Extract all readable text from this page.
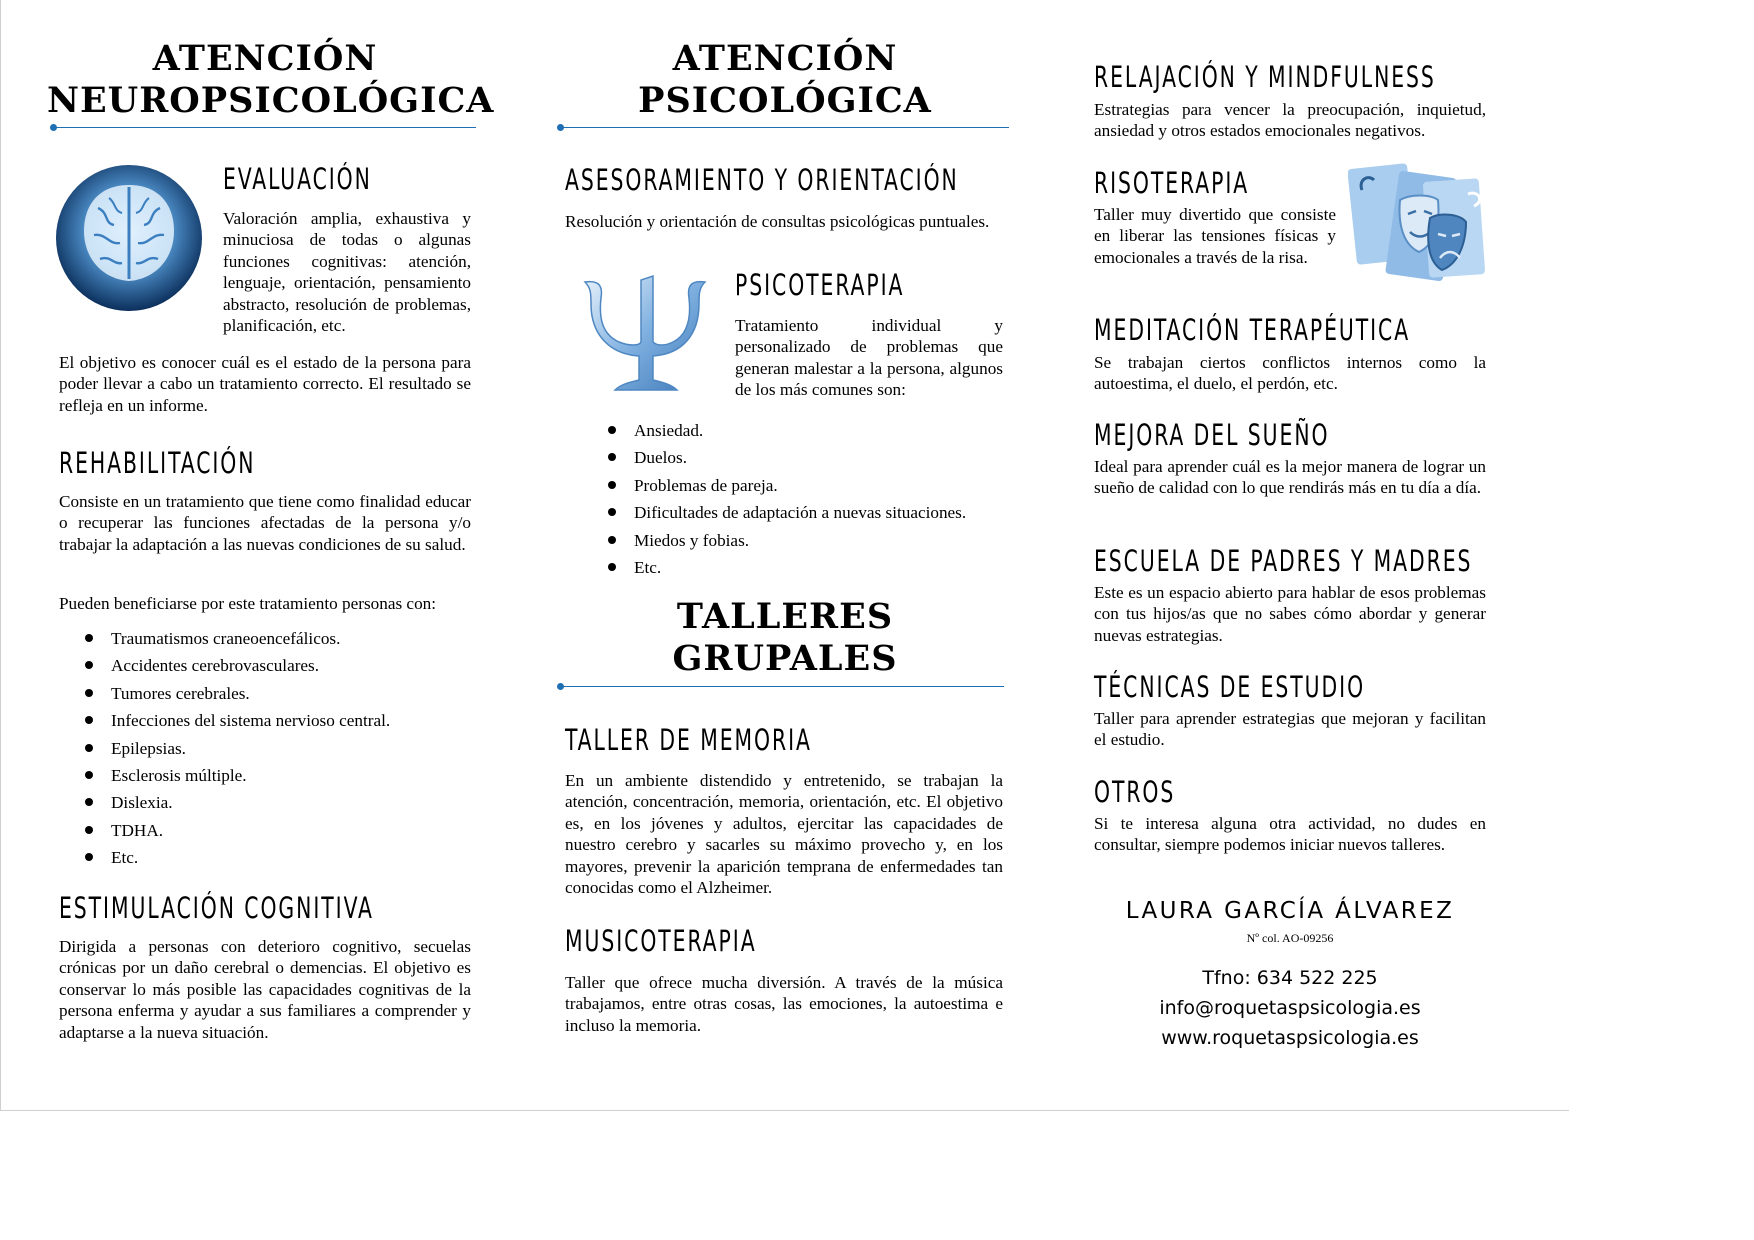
ATENCIÓN
NEUROPSICOLÓGICA
EVALUACIÓN
Valoración amplia, exhaustiva y minuciosa de todas o algunas funciones cognitivas: atención, lenguaje, orientación, pensamiento abstracto, resolución de problemas, planificación, etc.
El objetivo es conocer cuál es el estado de la persona para poder llevar a cabo un tratamiento correcto. El resultado se refleja en un informe.
REHABILITACIÓN
Consiste en un tratamiento que tiene como finalidad educar o recuperar las funciones afectadas de la persona y/o trabajar la adaptación a las nuevas condiciones de su salud.
Pueden beneficiarse por este tratamiento personas con:
Traumatismos craneoencefálicos.
Accidentes cerebrovasculares.
Tumores cerebrales.
Infecciones del sistema nervioso central.
Epilepsias.
Esclerosis múltiple.
Dislexia.
TDHA.
Etc.
ESTIMULACIÓN COGNITIVA
Dirigida a personas con deterioro cognitivo, secuelas crónicas por un daño cerebral o demencias. El objetivo es conservar lo más posible las capacidades cognitivas de la persona enferma y ayudar a sus familiares a comprender y adaptarse a la nueva situación.
ATENCIÓN
PSICOLÓGICA
ASESORAMIENTO Y ORIENTACIÓN
Resolución y orientación de consultas psicológicas puntuales.
PSICOTERAPIA
Tratamiento individual y personalizado de problemas que generan malestar a la persona, algunos de los más comunes son:
Ansiedad.
Duelos.
Problemas de pareja.
Dificultades de adaptación a nuevas situaciones.
Miedos y fobias.
Etc.
TALLERES
GRUPALES
TALLER DE MEMORIA
En un ambiente distendido y entretenido, se trabajan la atención, concentración, memoria, orientación, etc. El objetivo es, en los jóvenes y adultos, ejercitar las capacidades de nuestro cerebro y sacarles su máximo provecho y, en los mayores, prevenir la aparición temprana de enfermedades tan conocidas como el Alzheimer.
MUSICOTERAPIA
Taller que ofrece mucha diversión. A través de la música trabajamos, entre otras cosas, las emociones, la autoestima e incluso la memoria.
RELAJACIÓN Y MINDFULNESS
Estrategias para vencer la preocupación, inquietud, ansiedad y otros estados emocionales negativos.
RISOTERAPIA
Taller muy divertido que consiste en liberar las tensiones físicas y emocionales a través de la risa.
MEDITACIÓN TERAPÉUTICA
Se trabajan ciertos conflictos internos como la autoestima, el duelo, el perdón, etc.
MEJORA DEL SUEÑO
Ideal para aprender cuál es la mejor manera de lograr un sueño de calidad con lo que rendirás más en tu día a día.
ESCUELA DE PADRES Y MADRES
Este es un espacio abierto para hablar de esos problemas con tus hijos/as que no sabes cómo abordar y generar nuevas estrategias.
TÉCNICAS DE ESTUDIO
Taller para aprender estrategias que mejoran y facilitan el estudio.
OTROS
Si te interesa alguna otra actividad, no dudes en consultar, siempre podemos iniciar nuevos talleres.
LAURA GARCÍA ÁLVAREZ
Nº col. AO-09256
Tfno: 634 522 225
info@roquetaspsicologia.es
www.roquetaspsicologia.es
